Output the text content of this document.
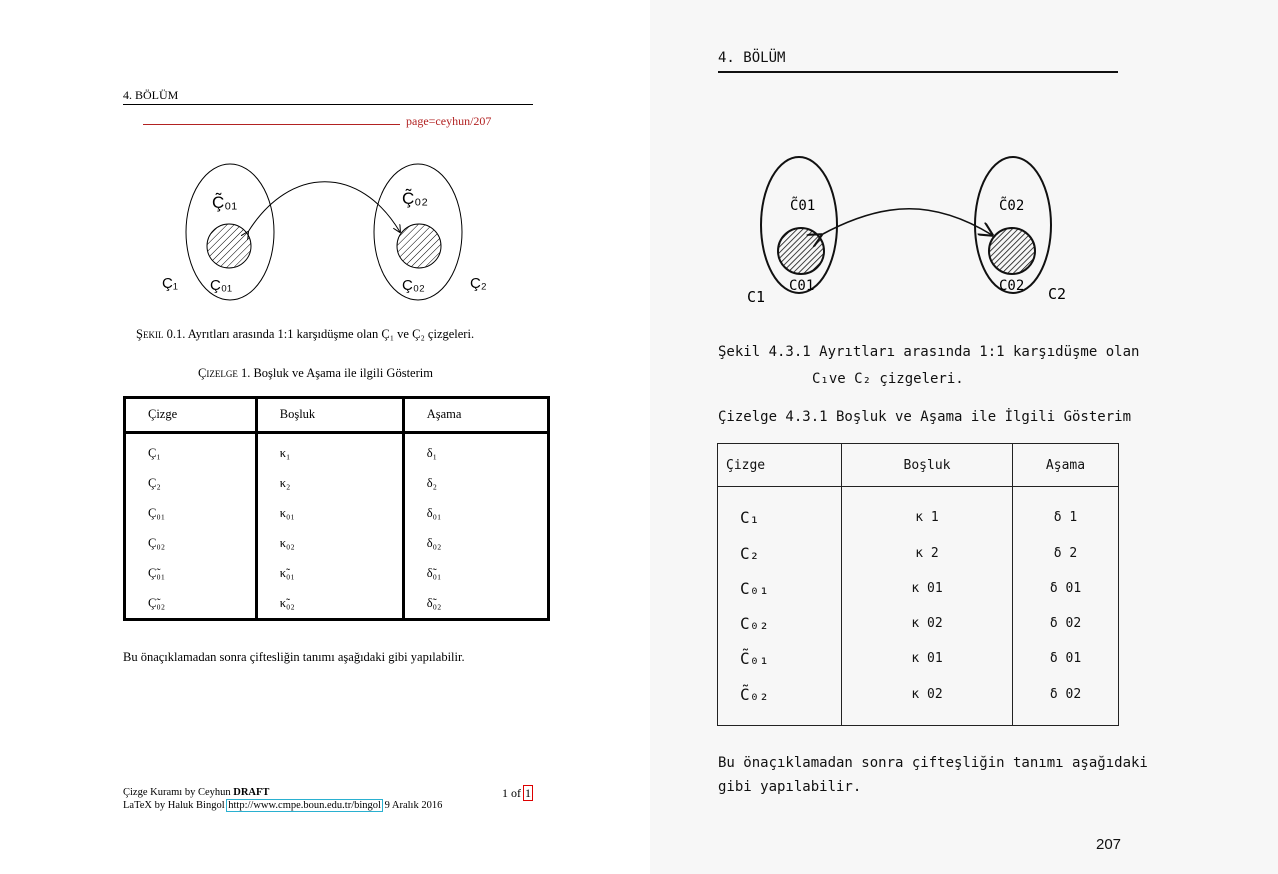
4. BÖLÜM
page=ceyhun/207
Ç̃₀₁
Ç₀₁
Ç₁
Ç̃₀₂
Ç₀₂	Ç₂
Şekil 0.1. Ayrıtları arasında 1:1 karşıdüşme olan Ç₁ ve Ç₂ çizgeleri.
Çizelge 1. Boşluk ve Aşama ile ilgili Gösterim
Çizge	Boşluk	Aşama
Ç₁	κ₁	δ₁
Ç₂	κ₂	δ₂
Ç₀₁	κ₀₁	δ₀₁
Ç₀₂	κ₀₂	δ₀₂
Ç̃₀₁	κ̃₀₁	δ̃₀₁
Ç̃₀₂	κ̃₀₂	δ̃₀₂
Bu önaçıklamadan sonra çiftesliğin tanımı aşağıdaki gibi yapılabilir.
Çizge Kuramı by Ceyhun DRAFT	1 of 1
LaTeX by Haluk Bingol http://www.cmpe.boun.edu.tr/bingol 9 Aralık 2016
4. BÖLÜM
C̃01
C01
C1
C̃02
C02 C2
Şekil 4.3.1 Ayrıtları arasında 1:1 karşıdüşme olan
C₁ve C₂ çizgeleri.
Çizelge 4.3.1 Boşluk ve Aşama ile İlgili Gösterim
Çizge	Boşluk	Aşama
C₁	κ 1	δ 1
C₂	κ 2	δ 2
C₀₁	κ 01	δ 01
C₀₂	κ 02	δ 02
C̃₀₁	κ 01	δ 01
C̃₀₂	κ 02	δ 02
Bu önaçıklamadan sonra çifteşliğin tanımı aşağıdaki
gibi yapılabilir.
207
